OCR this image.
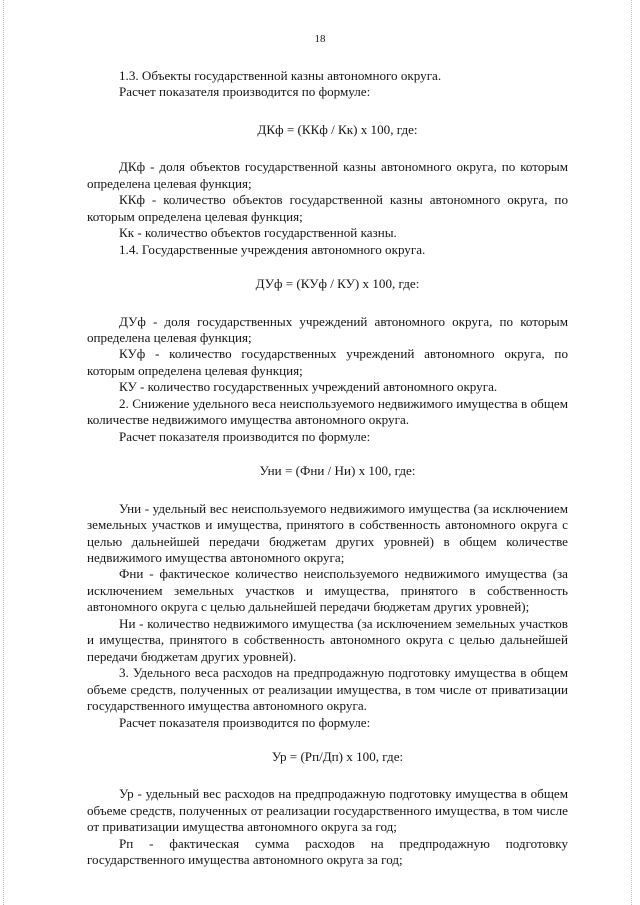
18

1.3. Объекты государственной казны автономного округа.

Расчет показателя производится по формуле:

ДКф = (ККф / Кк) х 100, где:

ДКф - доля объектов государственной казны автономного округа, по которым определена целевая функция;

ККф - количество объектов государственной казны автономного округа, по которым определена целевая функция;

Кк - количество объектов государственной казны.

1.4. Государственные учреждения автономного округа.

ДУф = (КУф / КУ) х 100, где:

ДУф - доля государственных учреждений автономного округа, по которым определена целевая функция;

КУф - количество государственных учреждений автономного округа, по которым определена целевая функция;

КУ - количество государственных учреждений автономного округа.

2. Снижение удельного веса неиспользуемого недвижимого имущества в общем количестве недвижимого имущества автономного округа.

Расчет показателя производится по формуле:

Уни = (Фни / Ни) х 100, где:

Уни - удельный вес неиспользуемого недвижимого имущества (за исключением земельных участков и имущества, принятого в собственность автономного округа с целью дальнейшей передачи бюджетам других уровней) в общем количестве недвижимого имущества автономного округа;

Фни - фактическое количество неиспользуемого недвижимого имущества (за исключением земельных участков и имущества, принятого в собственность автономного округа с целью дальнейшей передачи бюджетам других уровней);

Ни - количество недвижимого имущества (за исключением земельных участков и имущества, принятого в собственность автономного округа с целью дальнейшей передачи бюджетам других уровней).

3. Удельного веса расходов на предпродажную подготовку имущества в общем объеме средств, полученных от реализации имущества, в том числе от приватизации государственного имущества автономного округа.

Расчет показателя производится по формуле:

Ур = (Рп/Дп) х 100, где:

Ур - удельный вес расходов на предпродажную подготовку имущества в общем объеме средств, полученных от реализации государственного имущества, в том числе от приватизации имущества автономного округа за год;

Рп - фактическая сумма расходов на предпродажную подготовку государственного имущества автономного округа за год;
